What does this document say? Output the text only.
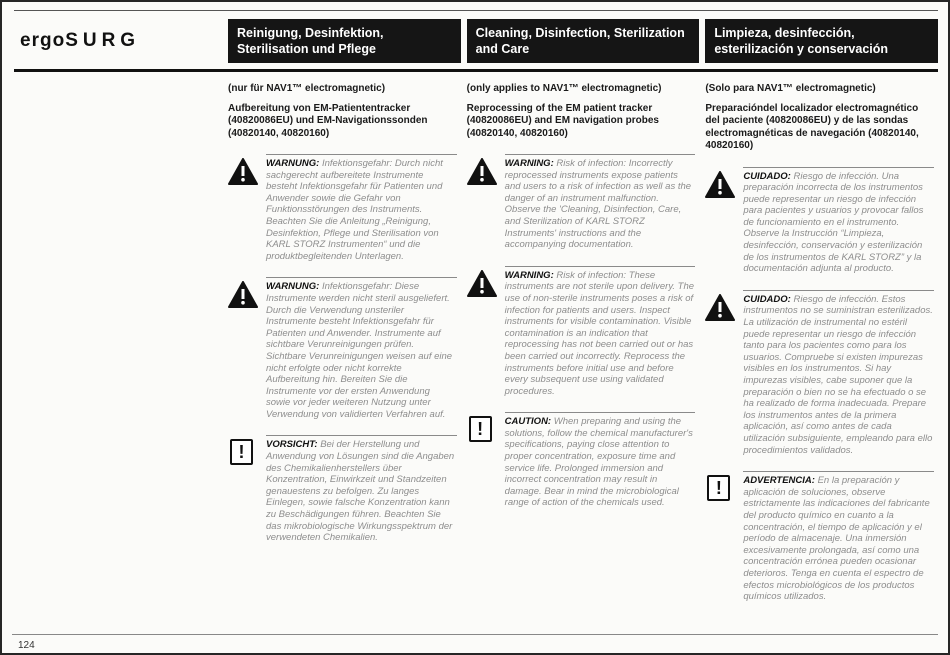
ergoSURG	Reinigung, Desinfektion, Sterilisation und Pflege
Cleaning, Disinfection, Sterilization and Care
Limpieza, desinfección, esterilización y conservación

(nur für NAV1™ electromagnetic)

Aufbereitung von EM-Patiententracker (40820086EU) und EM-Navigationssonden (40820140, 40820160)

WARNUNG: Infektionsgefahr: Durch nicht sachgerecht aufbereitete Instrumente besteht Infektionsgefahr für Patienten und Anwender sowie die Gefahr von Funktionsstörungen des Instruments. Beachten Sie die Anleitung „Reinigung, Desinfektion, Pflege und Sterilisation von KARL STORZ Instrumenten“ und die produktbegleitenden Unterlagen.
WARNUNG: Infektionsgefahr: Diese Instrumente werden nicht steril ausgeliefert. Durch die Verwendung unsteriler Instrumente besteht Infektionsgefahr für Patienten und Anwender. Instrumente auf sichtbare Verunreinigungen prüfen. Sichtbare Verunreinigungen weisen auf eine nicht erfolgte oder nicht korrekte Aufbereitung hin. Bereiten Sie die Instrumente vor der ersten Anwendung sowie vor jeder weiteren Nutzung unter Verwendung von validierten Verfahren auf.
!	VORSICHT: Bei der Herstellung und Anwendung von Lösungen sind die Angaben des Chemikalienherstellers über Konzentration, Einwirkzeit und Standzeiten genauestens zu befolgen. Zu langes Einlegen, sowie falsche Konzentration kann zu Beschädigungen führen. Beachten Sie das mikrobiologische Wirkungsspektrum der verwendeten Chemikalien.

(only applies to NAV1™ electromagnetic)

Reprocessing of the EM patient tracker (40820086EU) and EM navigation probes (40820140, 40820160)

WARNING: Risk of infection: Incorrectly reprocessed instruments expose patients and users to a risk of infection as well as the danger of an instrument malfunction. Observe the 'Cleaning, Disinfection, Care, and Sterilization of KARL STORZ Instruments' instructions and the accompanying documentation.
WARNING: Risk of infection: These instruments are not sterile upon delivery. The use of non-sterile instruments poses a risk of infection for patients and users. Inspect instruments for visible contamination. Visible contamination is an indication that reprocessing has not been carried out or has been carried out incorrectly. Reprocess the instruments before initial use and before every subsequent use using validated procedures.
!	CAUTION: When preparing and using the solutions, follow the chemical manufacturer's specifications, paying close attention to proper concentration, exposure time and service life. Prolonged immersion and incorrect concentration may result in damage. Bear in mind the microbiological range of action of the chemicals used.

(Solo para NAV1™ electromagnetic)

Preparacióndel localizador electromagnético del paciente (40820086EU) y de las sondas electromagnéticas de navegación (40820140, 40820160)

CUIDADO: Riesgo de infección. Una preparación incorrecta de los instrumentos puede representar un riesgo de infección para pacientes y usuarios y provocar fallos de funcionamiento en el instrumento. Observe la Instrucción “Limpieza, desinfección, conservación y esterilización de los instrumentos de KARL STORZ” y la documentación adjunta al producto.
CUIDADO: Riesgo de infección. Estos instrumentos no se suministran esterilizados. La utilización de instrumental no estéril puede representar un riesgo de infección tanto para los pacientes como para los usuarios. Compruebe si existen impurezas visibles en los instrumentos. Si hay impurezas visibles, cabe suponer que la preparación o bien no se ha efectuado o se ha realizado de forma inadecuada. Prepare los instrumentos antes de la primera aplicación, así como antes de cada utilización subsiguiente, empleando para ello procedimientos validados.
!	ADVERTENCIA: En la preparación y aplicación de soluciones, observe estrictamente las indicaciones del fabricante del producto químico en cuanto a la concentración, el tiempo de aplicación y el período de almacenaje. Una inmersión excesivamente prolongada, así como una concentración errónea pueden ocasionar deterioros. Tenga en cuenta el espectro de efectos microbiológicos de los productos químicos utilizados.
124
